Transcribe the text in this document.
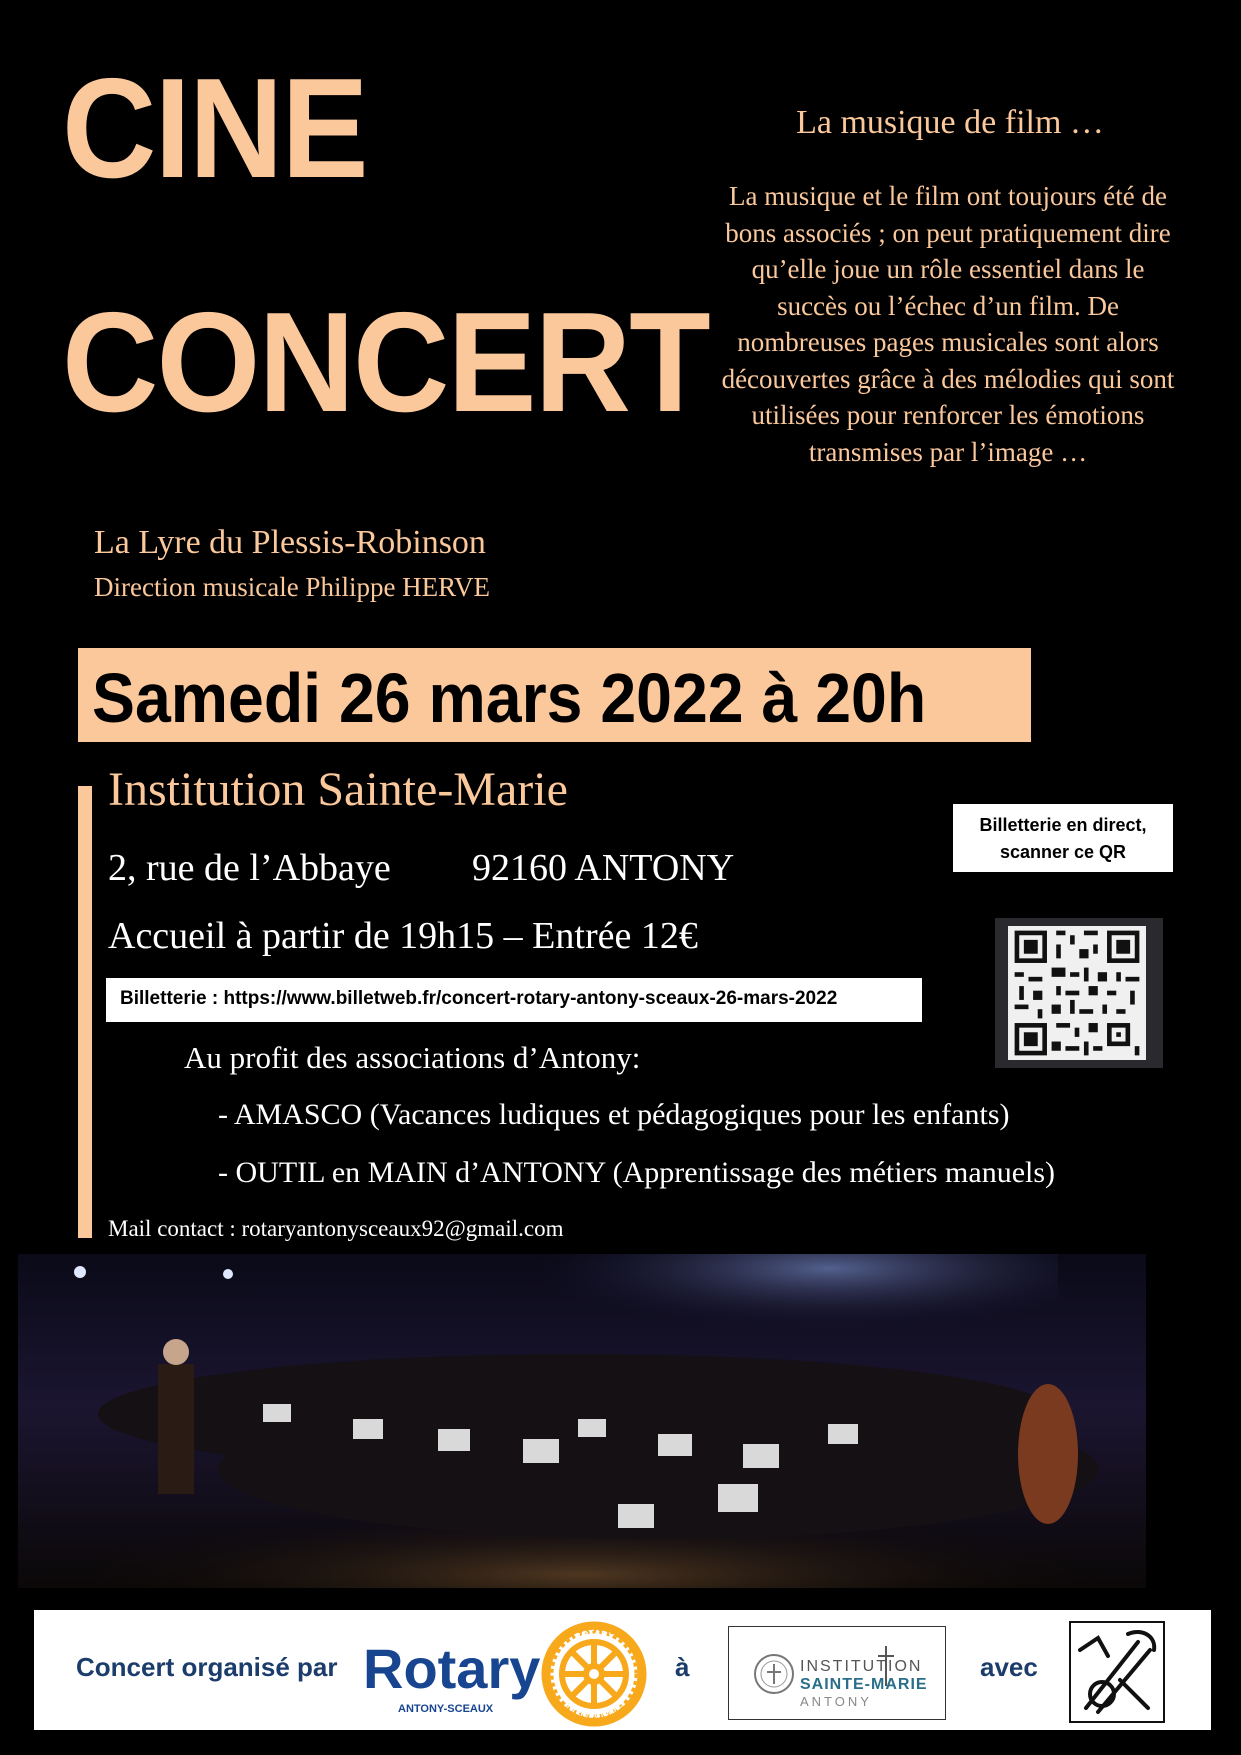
CINE
CONCERT
La musique de film …
La musique et le film ont toujours été de bons associés ; on peut pratiquement dire qu’elle joue un rôle essentiel dans le succès ou l’échec d’un film. De nombreuses pages musicales sont alors découvertes grâce à des mélodies qui sont utilisées pour renforcer les émotions transmises par l’image …
La Lyre du Plessis-Robinson
Direction musicale Philippe HERVE
Samedi 26 mars 2022 à 20h
Institution Sainte-Marie
2, rue de l’Abbaye 92160 ANTONY
Accueil à partir de 19h15 – Entrée 12€
Billetterie : https://www.billetweb.fr/concert-rotary-antony-sceaux-26-mars-2022
Billetterie en direct,
scanner ce QR
Au profit des associations d’Antony:
- AMASCO (Vacances ludiques et pédagogiques pour les enfants)
- OUTIL en MAIN d’ANTONY (Apprentissage des métiers manuels)
Mail contact : rotaryantonysceaux92@gmail.com
Concert organisé par Rotary
ANTONY-SCEAUX
ROTARY
INTERNATIONAL
à	INSTITUTION
SAINTE-MARIE
ANTONY
avec
